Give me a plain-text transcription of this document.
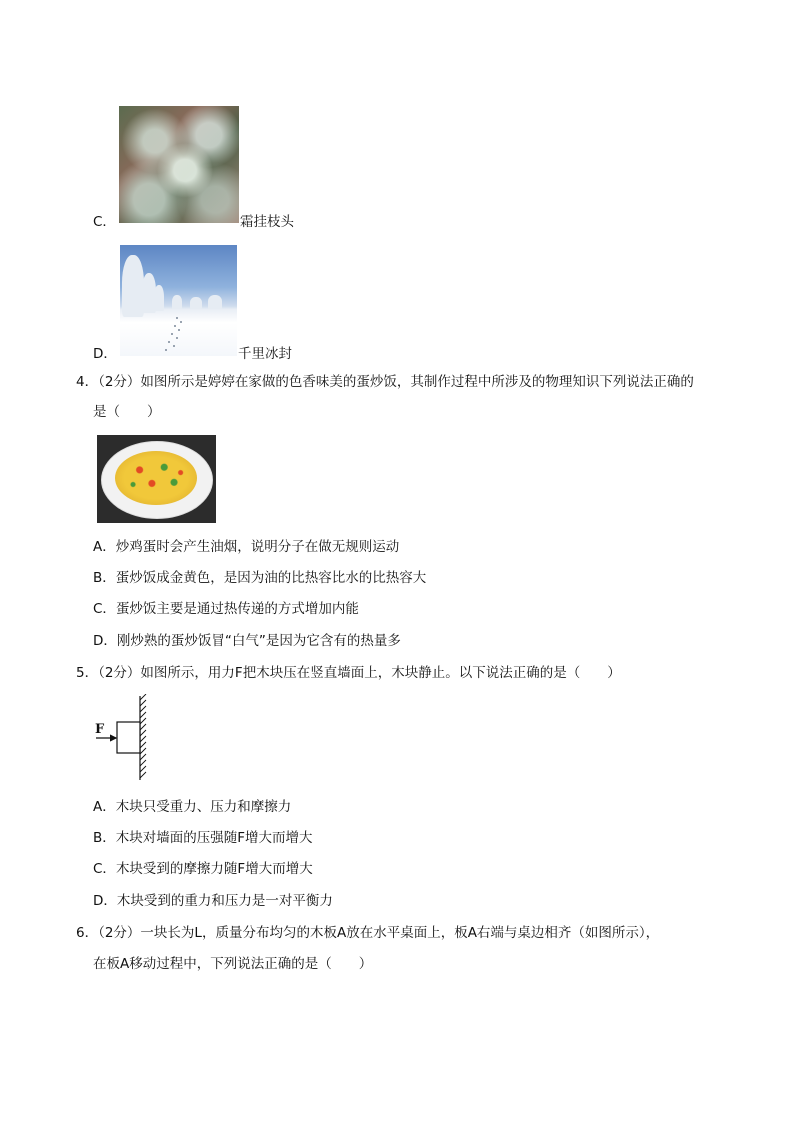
C．	霜挂枝头
D．	千里冰封
4．（2分）如图所示是婷婷在家做的色香味美的蛋炒饭，其制作过程中所涉及的物理知识下列说法正确的
是（　　）
A．炒鸡蛋时会产生油烟，说明分子在做无规则运动
B．蛋炒饭成金黄色，是因为油的比热容比水的比热容大
C．蛋炒饭主要是通过热传递的方式增加内能
D．刚炒熟的蛋炒饭冒“白气”是因为它含有的热量多
5．（2分）如图所示，用力F把木块压在竖直墙面上，木块静止。以下说法正确的是（　　）
F
A．木块只受重力、压力和摩擦力
B．木块对墙面的压强随F增大而增大
C．木块受到的摩擦力随F增大而增大
D．木块受到的重力和压力是一对平衡力
6．（2分）一块长为L，质量分布均匀的木板A放在水平桌面上，板A右端与桌边相齐（如图所示），
在板A移动过程中，下列说法正确的是（　　）
